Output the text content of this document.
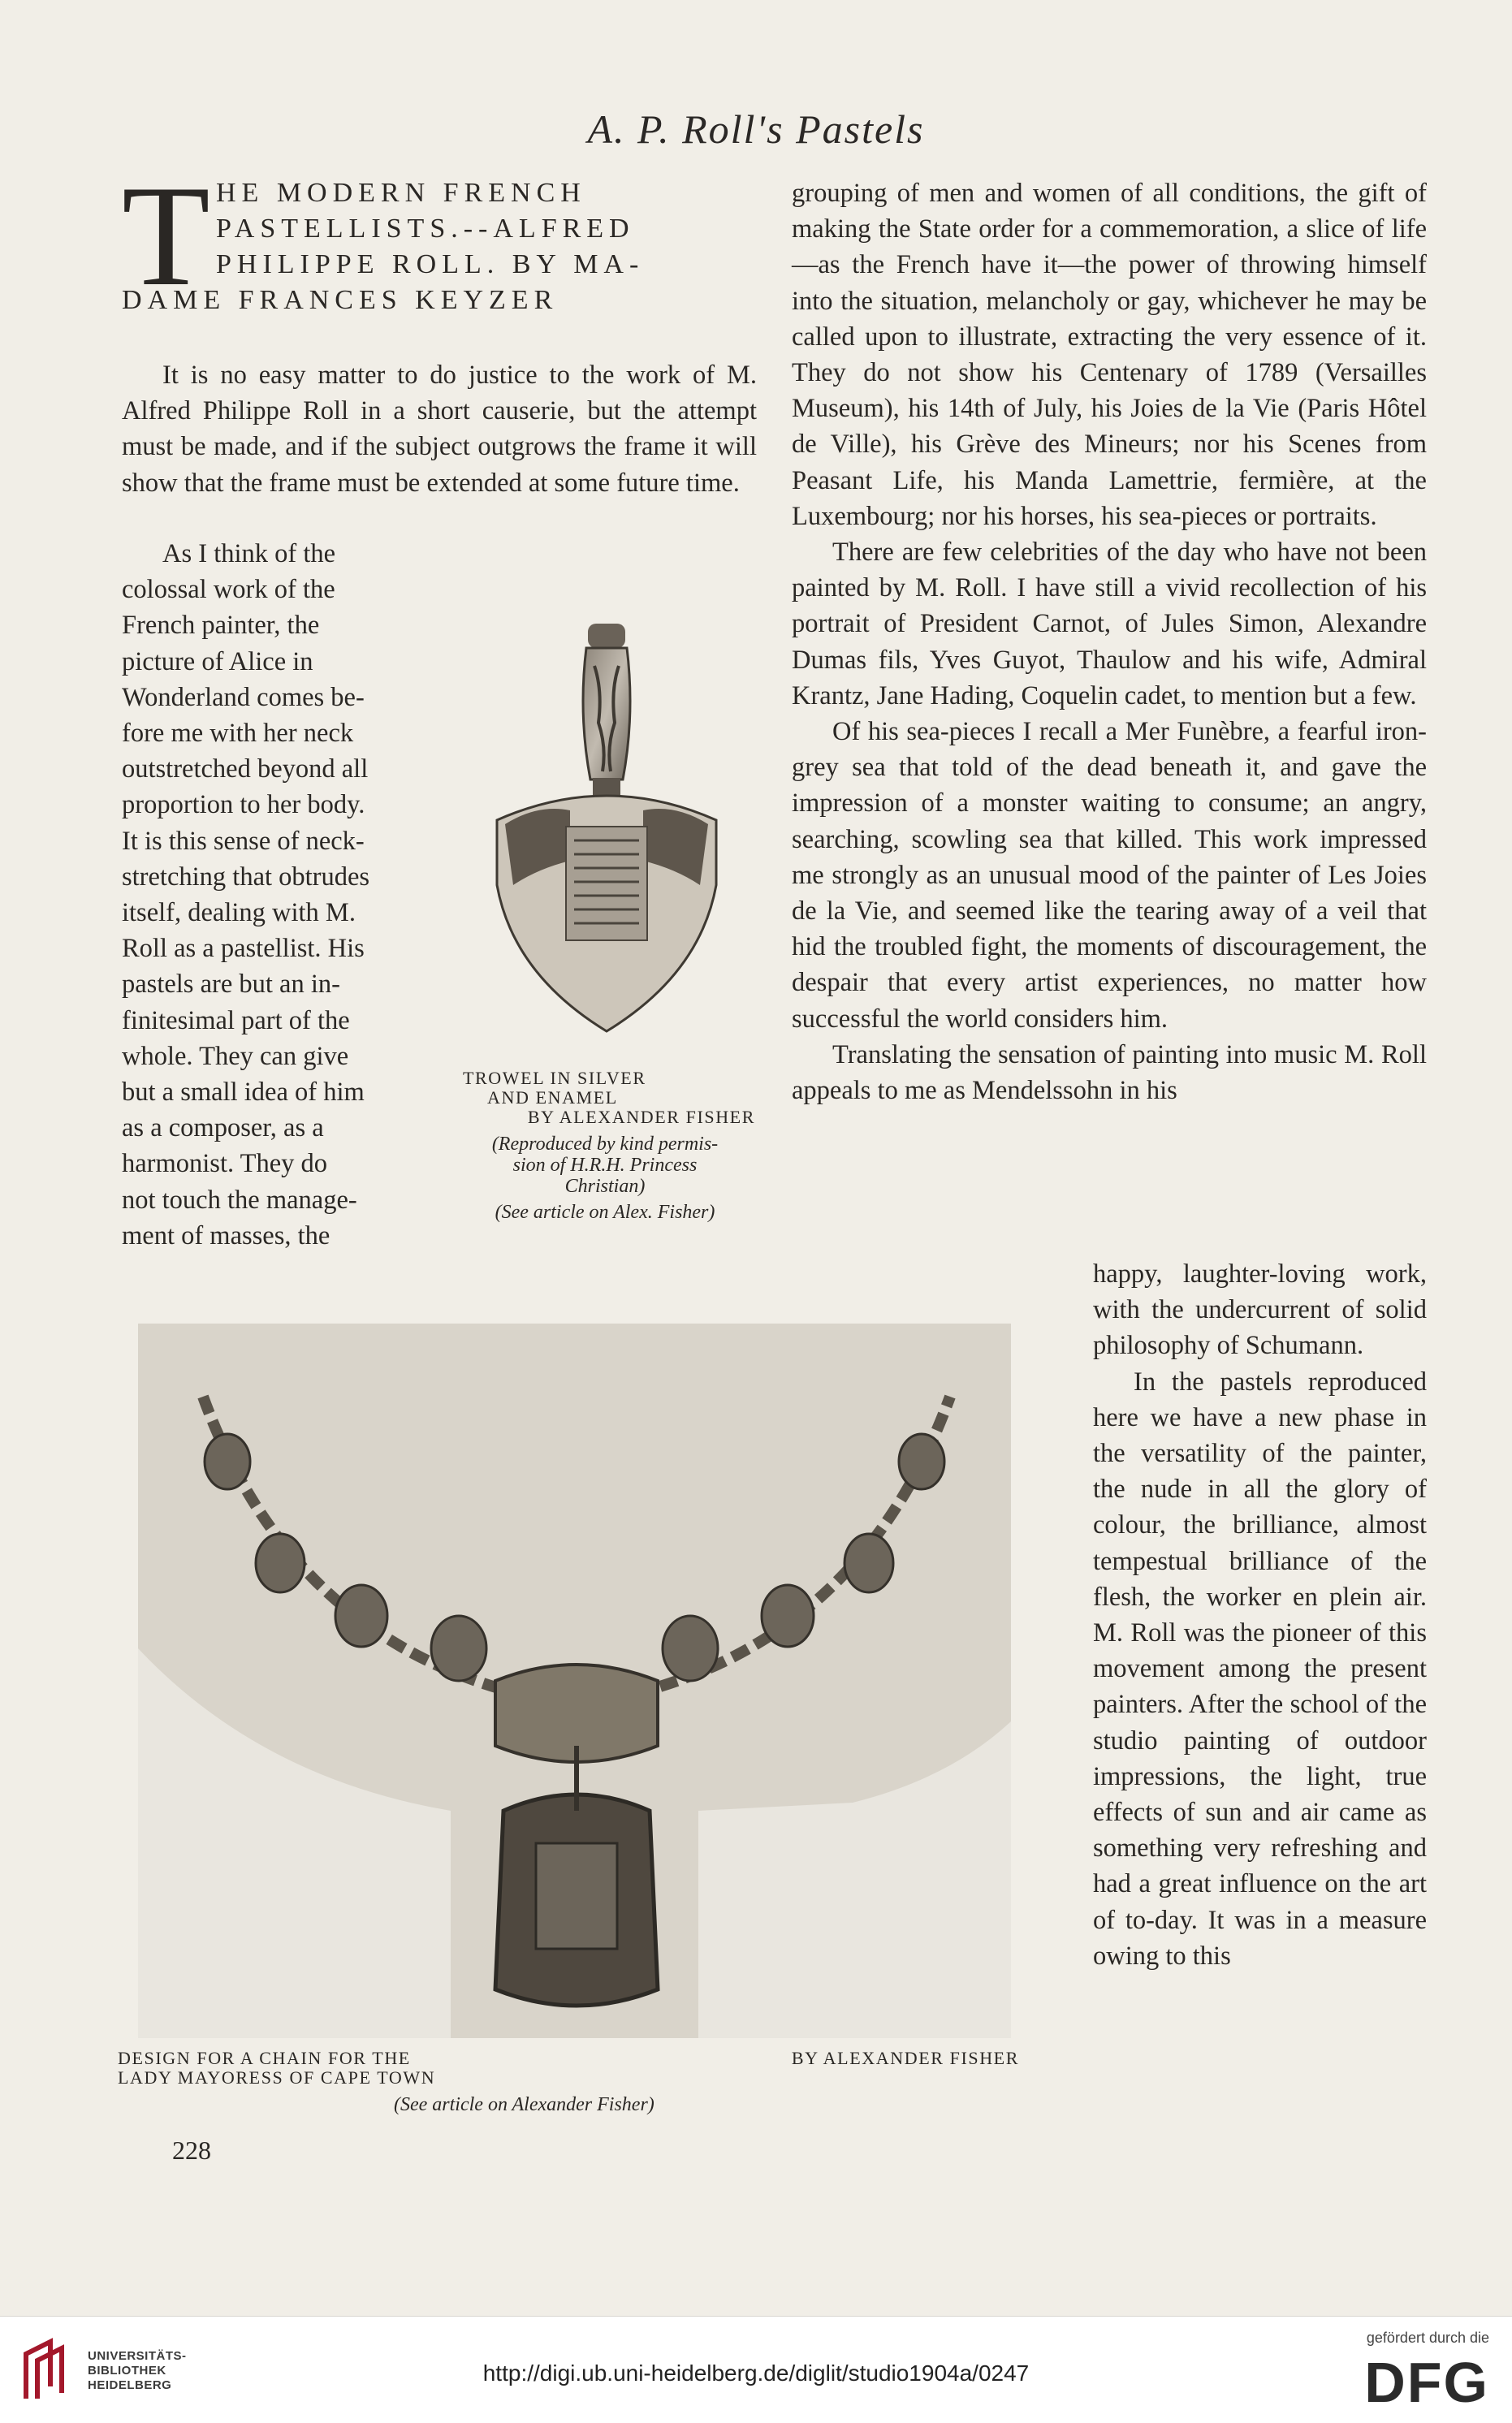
A. P. Roll's Pastels
T HE MODERN FRENCH
PASTELLISTS.--ALFRED
PHILIPPE ROLL. BY MA-
DAME FRANCES KEYZER

It is no easy matter to do justice to the work of M. Alfred Philippe Roll in a short causerie, but the attempt must be made, and if the subject outgrows the frame it will show that the frame must be extended at some future time.

As I think of the
colossal work of the
French painter, the
picture of Alice in
Wonderland comes be-
fore me with her neck
outstretched beyond all
proportion to her body.
It is this sense of neck-
stretching that obtrudes
itself, dealing with M.
Roll as a pastellist. His
pastels are but an in-
finitesimal part of the
whole. They can give
but a small idea of him
as a composer, as a
harmonist. They do
not touch the manage-
ment of masses, the
TROWEL IN SILVER
AND ENAMEL
BY ALEXANDER FISHER
(Reproduced by kind permis-
sion of H.R.H. Princess
Christian)
(See article on Alex. Fisher)

grouping of men and women of all conditions, the gift of making the State order for a commemoration, a slice of life—as the French have it—the power of throwing himself into the situation, melancholy or gay, whichever he may be called upon to illustrate, extracting the very essence of it. They do not show his Centenary of 1789 (Versailles Museum), his 14th of July, his Joies de la Vie (Paris Hôtel de Ville), his Grève des Mineurs; nor his Scenes from Peasant Life, his Manda Lamettrie, fermière, at the Luxembourg; nor his horses, his sea-pieces or portraits.

There are few celebrities of the day who have not been painted by M. Roll. I have still a vivid recollection of his portrait of President Carnot, of Jules Simon, Alexandre Dumas fils, Yves Guyot, Thaulow and his wife, Admiral Krantz, Jane Hading, Coquelin cadet, to mention but a few.

Of his sea-pieces I recall a Mer Funèbre, a fearful iron-grey sea that told of the dead beneath it, and gave the impression of a monster waiting to consume; an angry, searching, scowling sea that killed. This work impressed me strongly as an unusual mood of the painter of Les Joies de la Vie, and seemed like the tearing away of a veil that hid the troubled fight, the moments of discouragement, the despair that every artist experiences, no matter how successful the world considers him.

Translating the sensation of painting into music M. Roll appeals to me as Mendelssohn in his

happy, laughter-loving work, with the undercurrent of solid philosophy of Schumann.

In the pastels reproduced here we have a new phase in the versatility of the painter, the nude in all the glory of colour, the brilliance, almost tempestual brilliance of the flesh, the worker en plein air. M. Roll was the pioneer of this movement among the present painters. After the school of the studio painting of outdoor impressions, the light, true effects of sun and air came as something very refreshing and had a great influence on the art of to-day. It was in a measure owing to this

DESIGN FOR A CHAIN FOR THE
LADY MAYORESS OF CAPE TOWN
BY ALEXANDER FISHER
(See article on Alexander Fisher)
228
UNIVERSITÄTS-
BIBLIOTHEK
HEIDELBERG	http://digi.ub.uni-heidelberg.de/diglit/studio1904a/0247
gefördert durch die
DFG
